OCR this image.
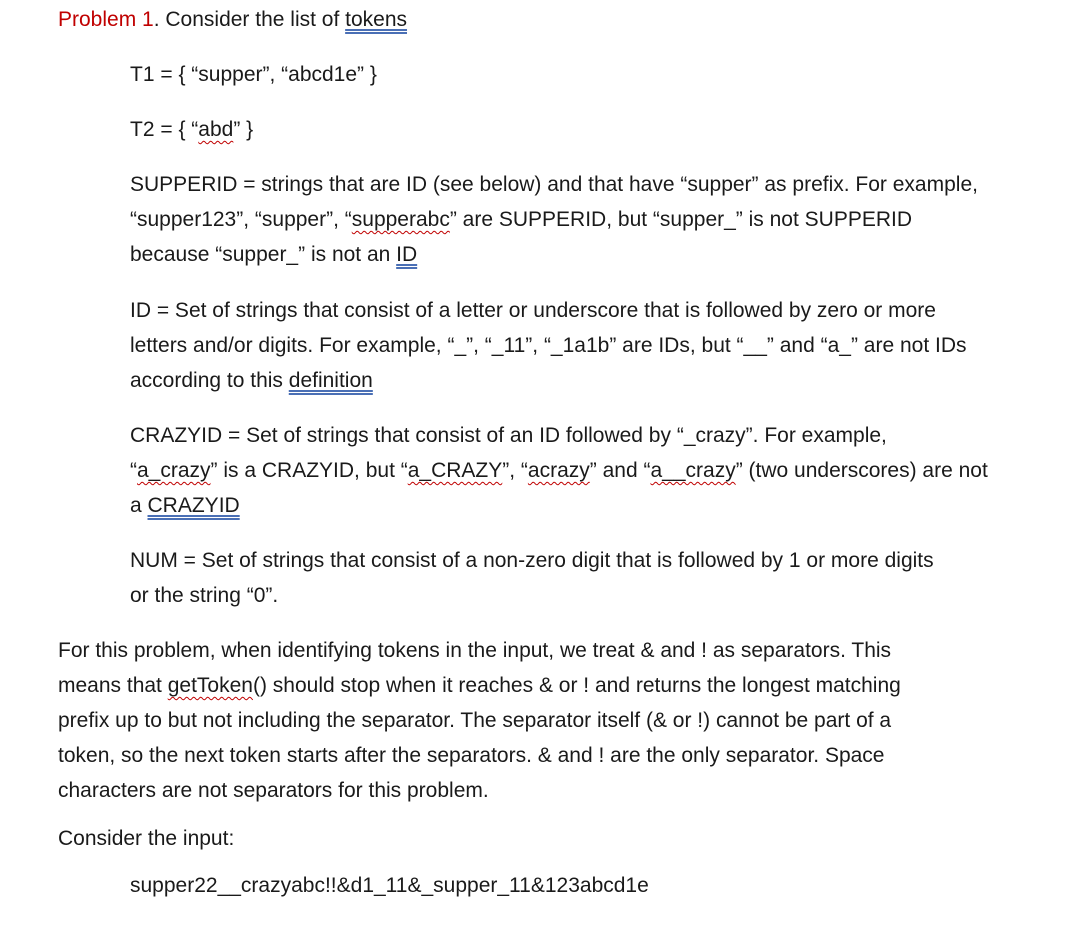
Problem 1. Consider the list of tokens

T1 = { “supper”, “abcd1e” }

T2 = { “abd” }

SUPPERID = strings that are ID (see below) and that have “supper” as prefix. For example,

“supper123”, “supper”, “supperabc” are SUPPERID, but “supper_” is not SUPPERID

because “supper_” is not an ID

ID = Set of strings that consist of a letter or underscore that is followed by zero or more

letters and/or digits. For example, “_”, “_11”, “_1a1b” are IDs, but “__” and “a_” are not IDs

according to this definition

CRAZYID = Set of strings that consist of an ID followed by “_crazy”. For example,

“a_crazy” is a CRAZYID, but “a_CRAZY”, “acrazy” and “a__crazy” (two underscores) are not

a CRAZYID

NUM = Set of strings that consist of a non-zero digit that is followed by 1 or more digits

or the string “0”.

For this problem, when identifying tokens in the input, we treat & and ! as separators. This

means that getToken() should stop when it reaches & or ! and returns the longest matching

prefix up to but not including the separator. The separator itself (& or !) cannot be part of a

token, so the next token starts after the separators. & and ! are the only separator. Space

characters are not separators for this problem.

Consider the input:

supper22__crazyabc!!&d1_11&_supper_11&123abcd1e
